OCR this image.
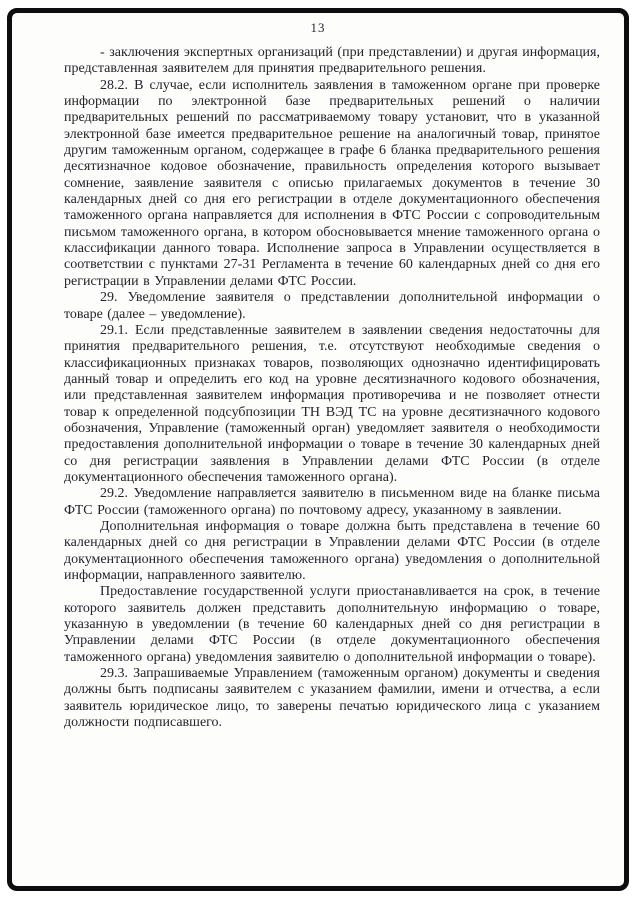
13

- заключения экспертных организаций (при представлении) и другая информация, представленная заявителем для принятия предварительного решения.

28.2. В случае, если исполнитель заявления в таможенном органе при проверке информации по электронной базе предварительных решений о наличии предварительных решений по рассматриваемому товару установит, что в указанной электронной базе имеется предварительное решение на аналогичный товар, принятое другим таможенным органом, содержащее в графе 6 бланка предварительного решения десятизначное кодовое обозначение, правильность определения которого вызывает сомнение, заявление заявителя с описью прилагаемых документов в течение 30 календарных дней со дня его регистрации в отделе документационного обеспечения таможенного органа направляется для исполнения в ФТС России с сопроводительным письмом таможенного органа, в котором обосновывается мнение таможенного органа о классификации данного товара. Исполнение запроса в Управлении осуществляется в соответствии с пунктами 27-31 Регламента в течение 60 календарных дней со дня его регистрации в Управлении делами ФТС России.

29. Уведомление заявителя о представлении дополнительной информации о товаре (далее – уведомление).

29.1. Если представленные заявителем в заявлении сведения недостаточны для принятия предварительного решения, т.е. отсутствуют необходимые сведения о классификационных признаках товаров, позволяющих однозначно идентифицировать данный товар и определить его код на уровне десятизначного кодового обозначения, или представленная заявителем информация противоречива и не позволяет отнести товар к определенной подсубпозиции ТН ВЭД ТС на уровне десятизначного кодового обозначения, Управление (таможенный орган) уведомляет заявителя о необходимости предоставления дополнительной информации о товаре в течение 30 календарных дней со дня регистрации заявления в Управлении делами ФТС России (в отделе документационного обеспечения таможенного органа).

29.2. Уведомление направляется заявителю в письменном виде на бланке письма ФТС России (таможенного органа) по почтовому адресу, указанному в заявлении.

Дополнительная информация о товаре должна быть представлена в течение 60 календарных дней со дня регистрации в Управлении делами ФТС России (в отделе документационного обеспечения таможенного органа) уведомления о дополнительной информации, направленного заявителю.

Предоставление государственной услуги приостанавливается на срок, в течение которого заявитель должен представить дополнительную информацию о товаре, указанную в уведомлении (в течение 60 календарных дней со дня регистрации в Управлении делами ФТС России (в отделе документационного обеспечения таможенного органа) уведомления заявителю о дополнительной информации о товаре).

29.3. Запрашиваемые Управлением (таможенным органом) документы и сведения должны быть подписаны заявителем с указанием фамилии, имени и отчества, а если заявитель юридическое лицо, то заверены печатью юридического лица с указанием должности подписавшего.
